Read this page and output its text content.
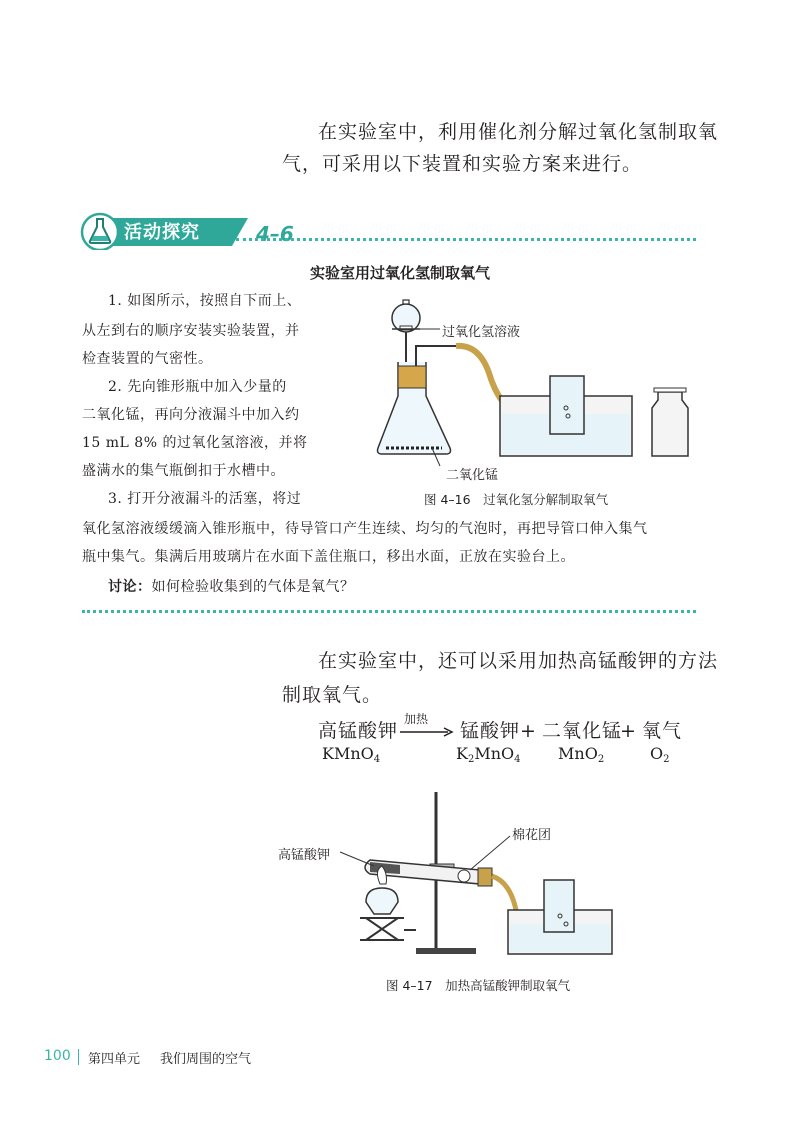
在实验室中，利用催化剂分解过氧化氢制取氧
气，可采用以下装置和实验方案来进行。
活动探究	4–6
实验室用过氧化氢制取氧气
1. 如图所示，按照自下而上、
从左到右的顺序安装实验装置，并
检查装置的气密性。
2. 先向锥形瓶中加入少量的
二氧化锰，再向分液漏斗中加入约
15 mL 8% 的过氧化氢溶液，并将
盛满水的集气瓶倒扣于水槽中。
3. 打开分液漏斗的活塞，将过
氧化氢溶液缓缓滴入锥形瓶中，待导管口产生连续、均匀的气泡时，再把导管口伸入集气
瓶中集气。集满后用玻璃片在水面下盖住瓶口，移出水面，正放在实验台上。
讨论：如何检验收集到的气体是氧气？
过氧化氢溶液
二氧化锰
图 4–16　过氧化氢分解制取氧气
在实验室中，还可以采用加热高锰酸钾的方法
制取氧气。
高锰酸钾
加热
→ 锰酸钾 + 二氧化锰
+ 氧气
KMnO$_4$	$K_2MnO_4$ MnO$_2$	$O_2$
高锰酸钾
棉花团
图 4–17　加热高锰酸钾制取氧气
100 第四单元 我们周围的空气
